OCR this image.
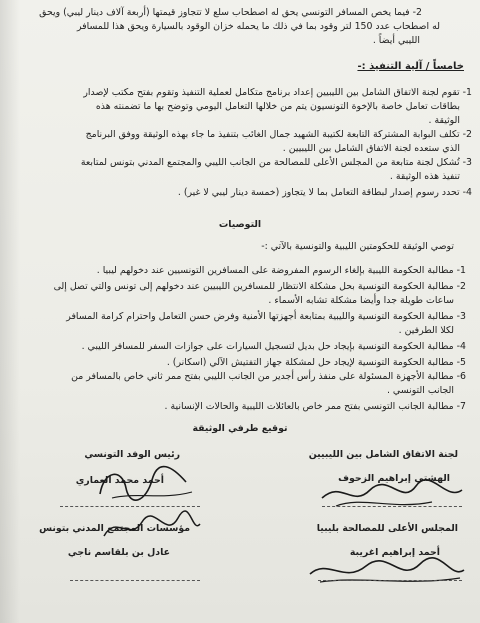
2- فيما يخص المسافر التونسي يحق له اصطحاب سلع لا تتجاوز قيمتها (أربعة آلاف دينار ليبي) ويحق
له اصطحاب عدد 150 لتر وقود بما في ذلك ما يحمله خزان الوقود بالسيارة ويحق هذا للمسافر
الليبي أيضاً .
خامساً / آلية التنفيذ :-
1- تقوم لجنة الاتفاق الشامل بين الليبيين إعداد برنامج متكامل لعملية التنفيذ وتقوم بفتح مكتب لإصدار
بطاقات تعامل خاصة بالإخوة التونسيون يتم من خلالها التعامل اليومي وتوضح بها ما تضمنته هذه
الوثيقة .
2- تكلف البوابة المشتركة التابعة لكتيبة الشهيد جمال الغائب بتنفيذ ما جاء بهذه الوثيقة ووفق البرنامج
الذي ستعده لجنة الاتفاق الشامل بين الليبيين .
3- تُشكل لجنة متابعة من المجلس الأعلى للمصالحة من الجانب الليبي والمجتمع المدني بتونس لمتابعة
تنفيذ هذه الوثيقة .
4- تحدد رسوم إصدار لبطاقة التعامل بما لا يتجاوز (خمسة دينار ليبي لا غير) .
التوصيات
توصي الوثيقة للحكومتين الليبية والتونسية بالآتي :-
1- مطالبة الحكومة الليبية بإلغاء الرسوم المفروضة على المسافرين التونسيين عند دخولهم ليبيا .
2- مطالبة الحكومة التونسية بحل مشكلة الانتظار للمسافرين الليبيين عند دخولهم إلى تونس والتي تصل إلى
ساعات طويلة جدا وأيضا مشكلة تشابه الأسماء .
3- مطالبة الحكومة التونسية والليبية بمتابعة أجهزتها الأمنية وفرض حسن التعامل واحترام كرامة المسافر
لكلا الطرفين .
4- مطالبة الحكومة التونسية بإيجاد حل بديل لتسجيل السيارات على جوازات السفر للمسافر الليبي .
5- مطالبة الحكومة التونسية لإيجاد حل لمشكلة جهاز التفتيش الآلي (اسكانر) .
6- مطالبة الأجهزة المسئولة على منفذ رأس أجدير من الجانب الليبي بفتح ممر ثاني خاص بالمسافر من
الجانب التونسي .
7- مطالبة الجانب التونسي بفتح ممر خاص بالعائلات الليبية والحالات الإنسانية .
توقيع طرفي الوثيقة
لجنة الاتفاق الشامل بين الليبيين
رئيس الوفد التونسي
الهشتي إبراهيم الزحوف
أحمد محمد العماري
المجلس الأعلى للمصالحة بليبيا
مؤسسات المجتمع المدني بتونس
أحمد إبراهيم اغريبة
عادل بن بلقاسم ناجي
